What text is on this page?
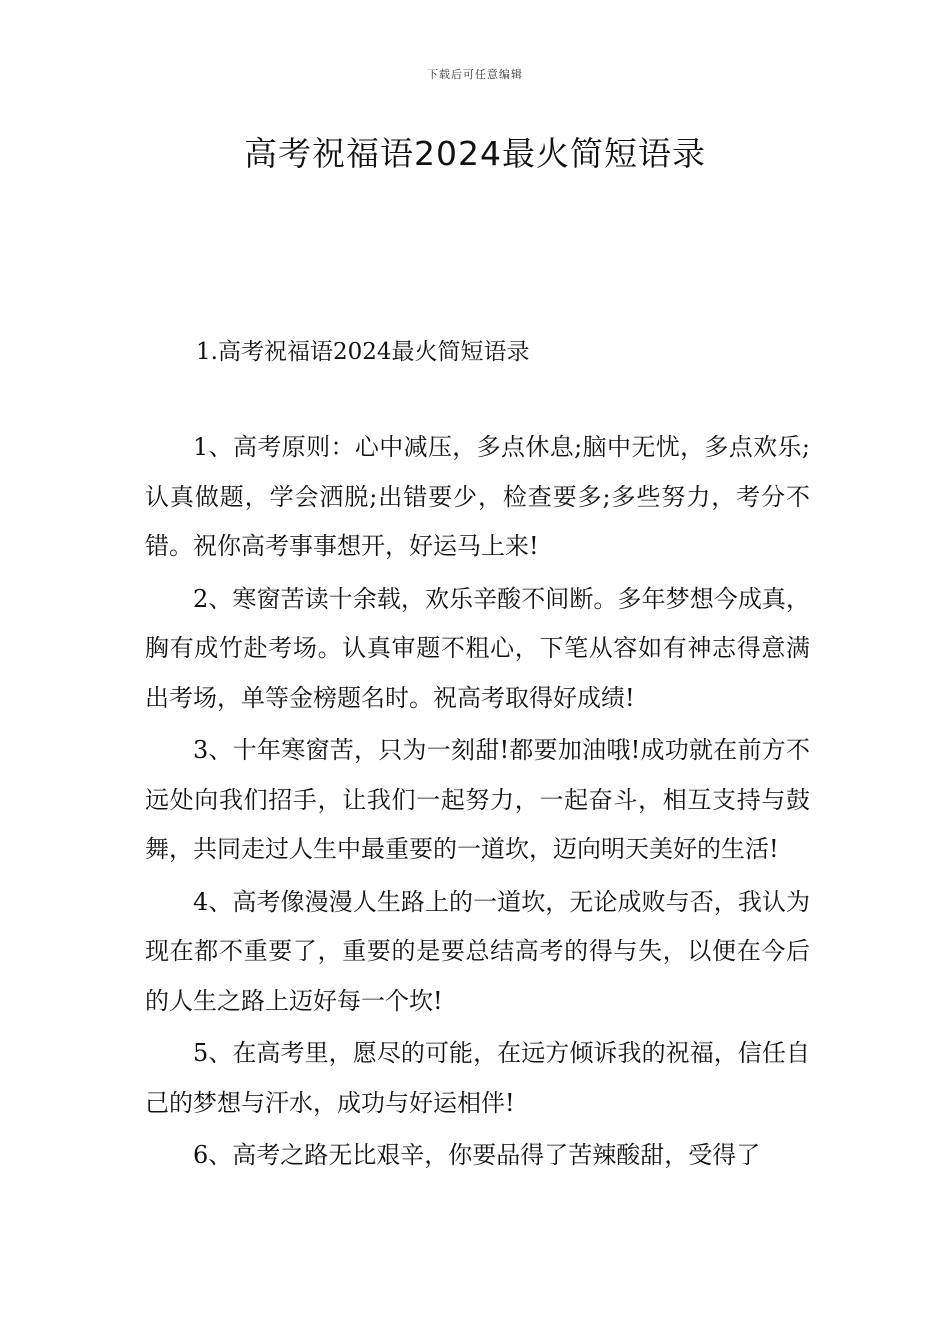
下载后可任意编辑
高考祝福语2024最火简短语录
1.高考祝福语2024最火简短语录

1、高考原则：心中减压，多点休息;脑中无忧，多点欢乐;认真做题，学会洒脱;出错要少，检查要多;多些努力，考分不错。祝你高考事事想开，好运马上来!

2、寒窗苦读十余载，欢乐辛酸不间断。多年梦想今成真，胸有成竹赴考场。认真审题不粗心，下笔从容如有神志得意满出考场，单等金榜题名时。祝高考取得好成绩!

3、十年寒窗苦，只为一刻甜!都要加油哦!成功就在前方不远处向我们招手，让我们一起努力，一起奋斗，相互支持与鼓舞，共同走过人生中最重要的一道坎，迈向明天美好的生活!

4、高考像漫漫人生路上的一道坎，无论成败与否，我认为现在都不重要了，重要的是要总结高考的得与失，以便在今后的人生之路上迈好每一个坎!

5、在高考里，愿尽的可能，在远方倾诉我的祝福，信任自己的梦想与汗水，成功与好运相伴!

6、高考之路无比艰辛，你要品得了苦辣酸甜，受得了
